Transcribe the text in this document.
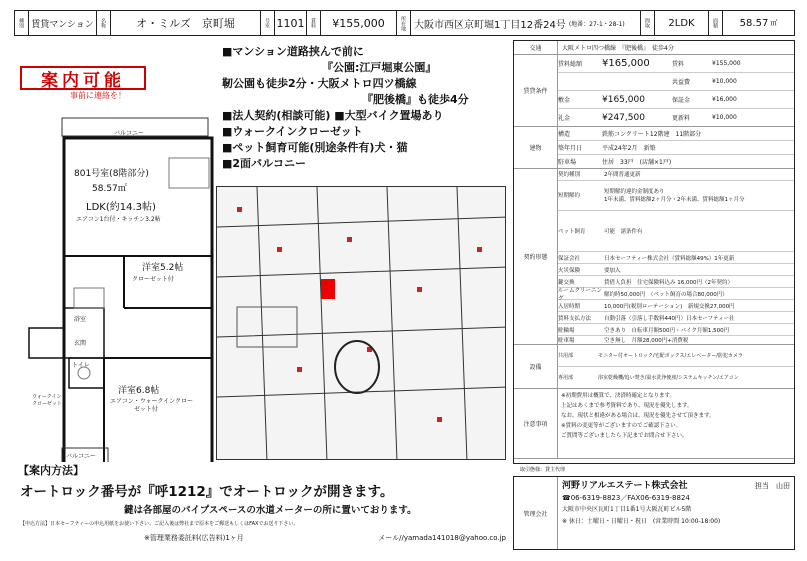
種別 賃貸マンション	名称	オ・ミルズ　京町堀	号室 1101	賃料	¥155,000	所在地 大阪市西区京町堀1丁目12番24号 (地番：27-1・28-1)	間取	2LDK	面積 58.57 ㎡
案内可能
事前に連絡を！
バルコニー
801号室(8階部分)
58.57㎡
LDK(約14.3帖)
エアコン1台付・キッチン3.2帖
洋室5.2帖
クローゼット付
洋室6.8帖
エアコン・ウォークインクロー
ゼット付
玄関
トイレ
浴室
ウォークインクローゼット
バルコニー
■マンション道路挟んで前に
『公園:江戸堀東公園』
靭公園も徒歩2分・大阪メトロ四ツ橋線
『肥後橋』も徒歩4分
■法人契約(相談可能) ■大型バイク置場あり
■ウォークインクローゼット
■ペット飼育可能(別途条件有)犬・猫
■2面バルコニー
交通	大阪メトロ四つ橋線　『肥後橋』　徒歩4分
賃貸条件
賃料総額	¥165,000	賃料	¥155,000
共益費	¥10,000
敷金	¥165,000	保証金	¥16,000
礼金	¥247,500	更新料	¥10,000
建物
構造	鉄筋コンクリート12階建　11階部分
築年月日	平成24年2月　新築
駐車場	住居　33戸　(店舗×1戸)
契約形態
契約種別	2年間普通更新
短期解約
短期解約違約金制度あり
1年未満、賃料総額2ヶ月分・2年未満、賃料総額1ヶ月分
ペット飼育	可能　諸条件有
保証会社	日本セーフティー株式会社（賃料総額49%）1年更新
火災保険	要加入
鍵交換	賃借人負担　住宅保険料込み 16,000円（2年契約）
ルームクリーニング
解約時50,000円　（ペット飼育の場合80,000円）
入居時期	10,000円(税別ローテーション)　新規交換27,000円
賃料支払方法	自動引落（引落し手数料440円）日本セーフティー社
駐輪場	空きあり　自転車月額500円・バイク月額1,500円
駐車場	空き無し　月額28,000円+消費税
設備
共用部	モニター付オートロック/宅配ボックス/エレベーター/防犯カメラ
専用部	浴室乾燥機/追い焚き/温水洗浄便座/システムキッチン/エアコン
注意事項
※初期費用は概算で、決済時確定となります。
上記はあくまで参考資料であり、現況を優先します。
なお、現状と相違がある場合は、現況を優先させて頂きます。
※賃料の変更等がございますのでご確認下さい。
ご質問等ございましたら下記までお問合せ下さい。
管理会社
河野リアルエステート株式会社	担当　山田
☎06-6319-8823／FAX06-6319-8824
大阪市中央区瓦町1丁目1番1号大阪瓦町ビル5階
※ 休日：土曜日・日曜日・祝日　(営業時間 10:00-18:00)
【案内方法】
オートロック番号が『呼1212』でオートロックが開きます。
鍵は各部屋のパイプスペースの水道メーターの所に置いております。
【申込方法】日本セーフティーの申込用紙をお使い下さい。ご記入後は弊社まで原本をご郵送もしくはFAXでお送り下さい。
※管理業務委託料(広告料)1ヶ月	メール//yamada141018@yahoo.co.jp
取引態様：貸主代理
